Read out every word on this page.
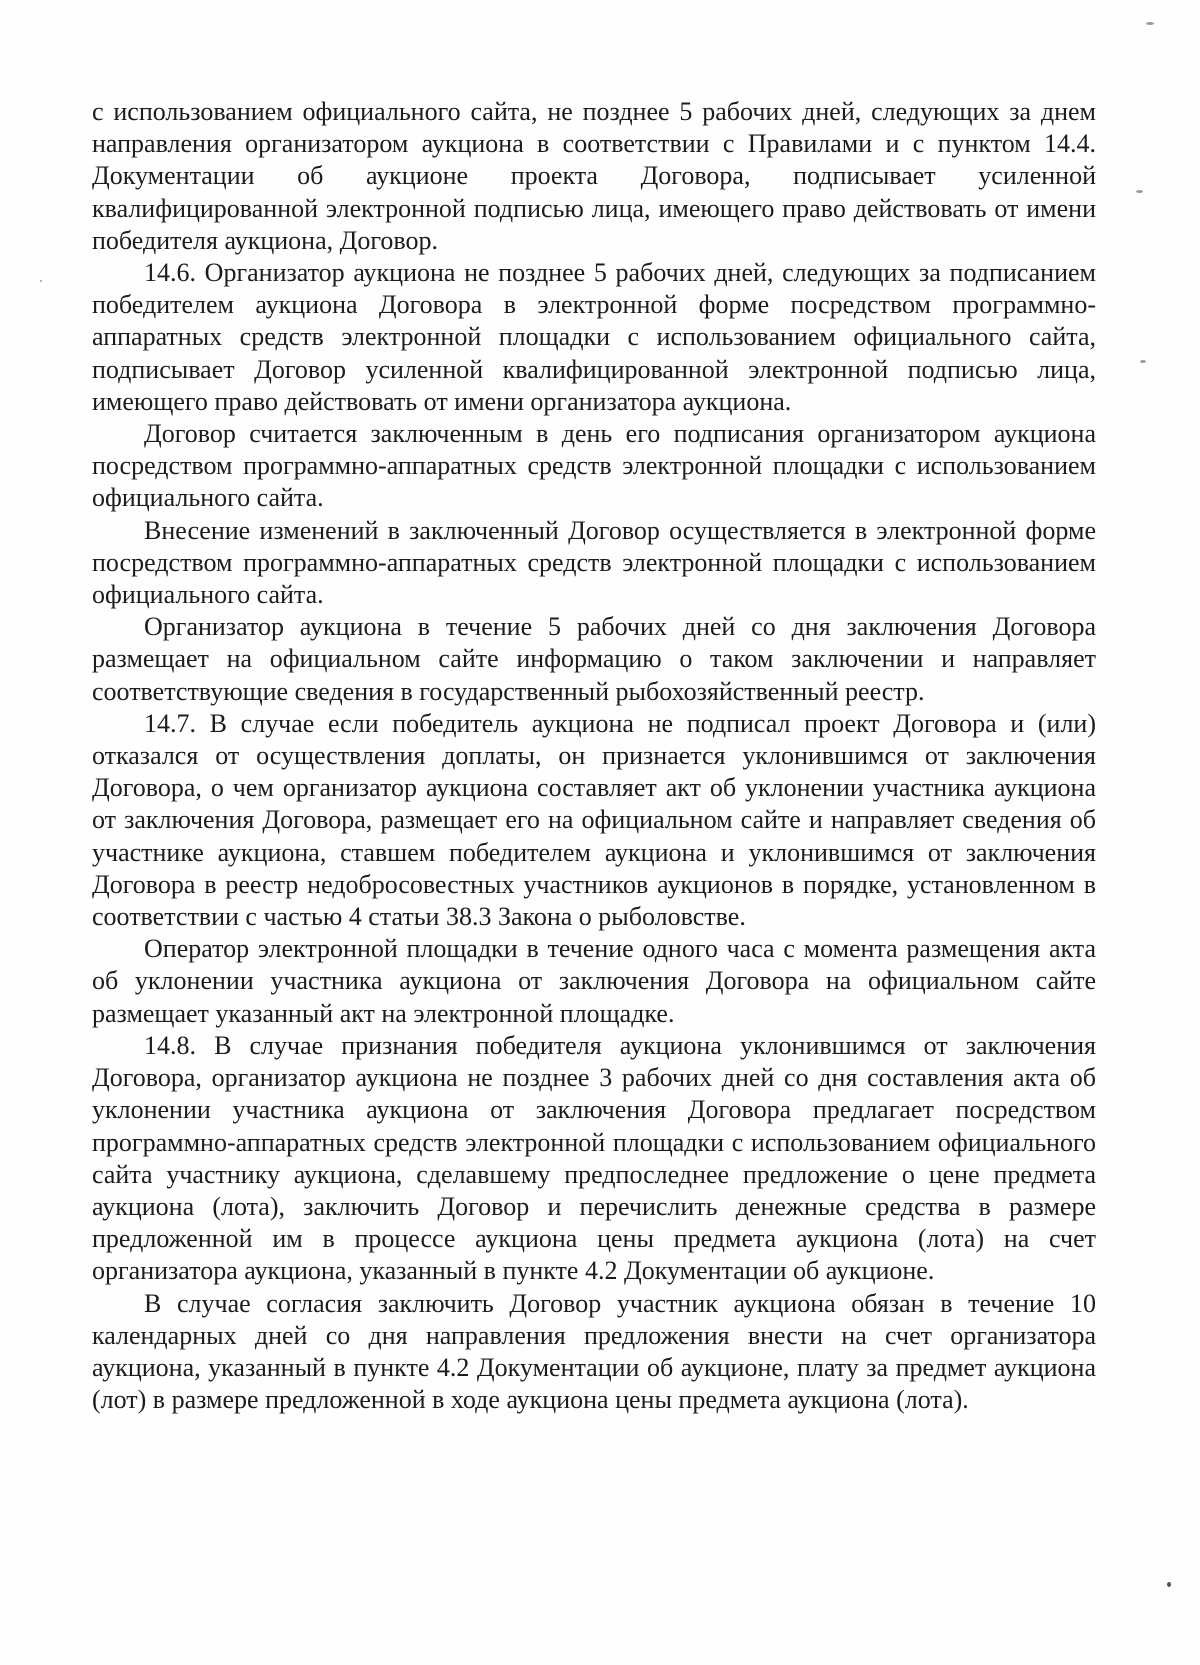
с использованием официального сайта, не позднее 5 рабочих дней, следующих за днем направления организатором аукциона в соответствии с Правилами и с пунктом 14.4. Документации об аукционе проекта Договора, подписывает усиленной квалифицированной электронной подписью лица, имеющего право действовать от имени победителя аукциона, Договор.

14.6. Организатор аукциона не позднее 5 рабочих дней, следующих за подписанием победителем аукциона Договора в электронной форме посредством программно-аппаратных средств электронной площадки с использованием официального сайта, подписывает Договор усиленной квалифицированной электронной подписью лица, имеющего право действовать от имени организатора аукциона.

Договор считается заключенным в день его подписания организатором аукциона посредством программно-аппаратных средств электронной площадки с использованием официального сайта.

Внесение изменений в заключенный Договор осуществляется в электронной форме посредством программно-аппаратных средств электронной площадки с использованием официального сайта.

Организатор аукциона в течение 5 рабочих дней со дня заключения Договора размещает на официальном сайте информацию о таком заключении и направляет соответствующие сведения в государственный рыбохозяйственный реестр.

14.7. В случае если победитель аукциона не подписал проект Договора и (или) отказался от осуществления доплаты, он признается уклонившимся от заключения Договора, о чем организатор аукциона составляет акт об уклонении участника аукциона от заключения Договора, размещает его на официальном сайте и направляет сведения об участнике аукциона, ставшем победителем аукциона и уклонившимся от заключения Договора в реестр недобросовестных участников аукционов в порядке, установленном в соответствии с частью 4 статьи 38.3 Закона о рыболовстве.

Оператор электронной площадки в течение одного часа с момента размещения акта об уклонении участника аукциона от заключения Договора на официальном сайте размещает указанный акт на электронной площадке.

14.8. В случае признания победителя аукциона уклонившимся от заключения Договора, организатор аукциона не позднее 3 рабочих дней со дня составления акта об уклонении участника аукциона от заключения Договора предлагает посредством программно-аппаратных средств электронной площадки с использованием официального сайта участнику аукциона, сделавшему предпоследнее предложение о цене предмета аукциона (лота), заключить Договор и перечислить денежные средства в размере предложенной им в процессе аукциона цены предмета аукциона (лота) на счет организатора аукциона, указанный в пункте 4.2 Документации об аукционе.

В случае согласия заключить Договор участник аукциона обязан в течение 10 календарных дней со дня направления предложения внести на счет организатора аукциона, указанный в пункте 4.2 Документации об аукционе, плату за предмет аукциона (лот) в размере предложенной в ходе аукциона цены предмета аукциона (лота).
